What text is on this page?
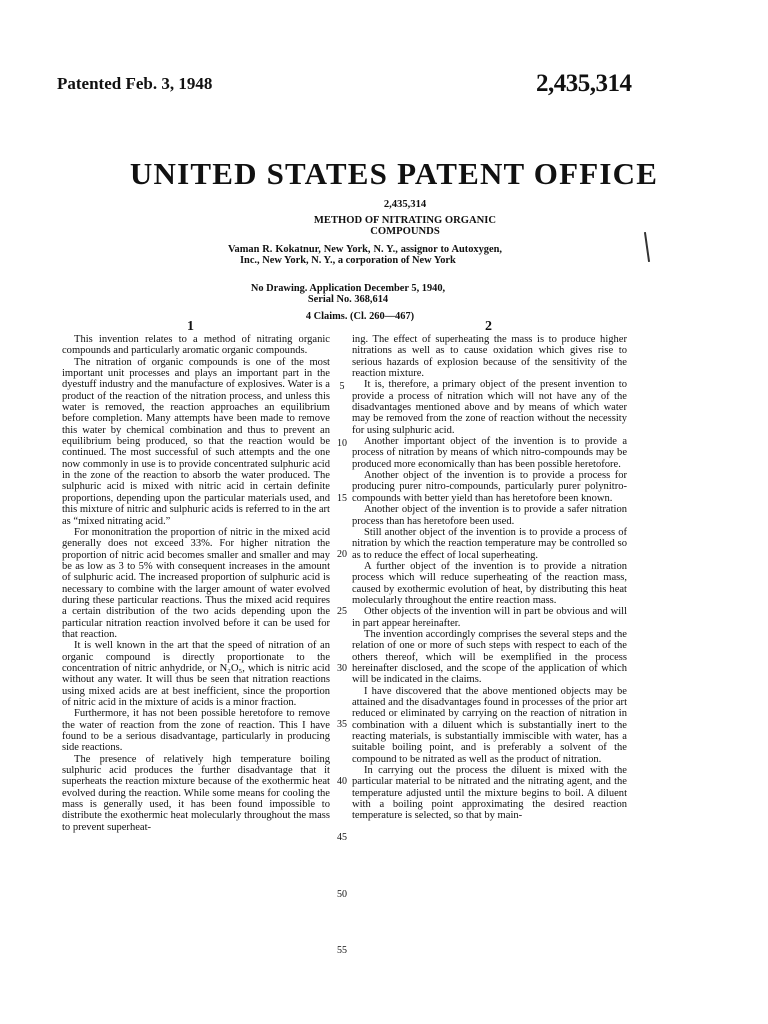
Patented Feb. 3, 1948	2,435,314
UNITED STATES PATENT OFFICE
2,435,314
METHOD OF NITRATING ORGANIC
COMPOUNDS
Vaman R. Kokatnur, New York, N. Y., assignor to Autoxygen, Inc., New York, N. Y., a corporation of New York
No Drawing. Application December 5, 1940,
Serial No. 368,614
4 Claims. (Cl. 260—467)
1	2

This invention relates to a method of nitrating organic compounds and particularly aromatic organic compounds.

The nitration of organic compounds is one of the most important unit processes and plays an important part in the dyestuff industry and the manufacture of explosives. Water is a product of the reaction of the nitration process, and unless this water is removed, the reaction approaches an equilibrium before completion. Many attempts have been made to remove this water by chemical combination and thus to prevent an equilibrium being produced, so that the reaction would be continued. The most successful of such attempts and the one now commonly in use is to provide concentrated sulphuric acid in the zone of the reaction to absorb the water produced. The sulphuric acid is mixed with nitric acid in certain definite proportions, depending upon the particular materials used, and this mixture of nitric and sulphuric acids is referred to in the art as “mixed nitrating acid.”

For mononitration the proportion of nitric in the mixed acid generally does not exceed 33%. For higher nitration the proportion of nitric acid becomes smaller and smaller and may be as low as 3 to 5% with consequent increases in the amount of sulphuric acid. The increased proportion of sulphuric acid is necessary to combine with the larger amount of water evolved during these particular reactions. Thus the mixed acid requires a certain distribution of the two acids depending upon the particular nitration reaction involved before it can be used for that reaction.

It is well known in the art that the speed of nitration of an organic compound is directly proportionate to the concentration of nitric anhydride, or N₂O₅, which is nitric acid without any water. It will thus be seen that nitration reactions using mixed acids are at best inefficient, since the proportion of nitric acid in the mixture of acids is a minor fraction.

Furthermore, it has not been possible heretofore to remove the water of reaction from the zone of reaction. This I have found to be a serious disadvantage, particularly in producing side reactions.

The presence of relatively high temperature boiling sulphuric acid produces the further disadvantage that it superheats the reaction mixture because of the exothermic heat evolved during the reaction. While some means for cooling the mass is generally used, it has been found impossible to distribute the exothermic heat molecularly throughout the mass to prevent superheat-

ing. The effect of superheating the mass is to produce higher nitrations as well as to cause oxidation which gives rise to serious hazards of explosion because of the sensitivity of the reaction mixture.

It is, therefore, a primary object of the present invention to provide a process of nitration which will not have any of the disadvantages mentioned above and by means of which water may be removed from the zone of reaction without the necessity for using sulphuric acid.

Another important object of the invention is to provide a process of nitration by means of which nitro-compounds may be produced more economically than has been possible heretofore.

Another object of the invention is to provide a process for producing purer nitro-compounds, particularly purer polynitro-compounds with better yield than has heretofore been known.

Another object of the invention is to provide a safer nitration process than has heretofore been used.

Still another object of the invention is to provide a process of nitration by which the reaction temperature may be controlled so as to reduce the effect of local superheating.

A further object of the invention is to provide a nitration process which will reduce superheating of the reaction mass, caused by exothermic evolution of heat, by distributing this heat molecularly throughout the entire reaction mass.

Other objects of the invention will in part be obvious and will in part appear hereinafter.

The invention accordingly comprises the several steps and the relation of one or more of such steps with respect to each of the others thereof, which will be exemplified in the process hereinafter disclosed, and the scope of the application of which will be indicated in the claims.

I have discovered that the above mentioned objects may be attained and the disadvantages found in processes of the prior art reduced or eliminated by carrying on the reaction of nitration in combination with a diluent which is substantially inert to the reacting materials, is substantially immiscible with water, has a suitable boiling point, and is preferably a solvent of the compound to be nitrated as well as the product of nitration.

In carrying out the process the diluent is mixed with the particular material to be nitrated and the nitrating agent, and the temperature adjusted until the mixture begins to boil. A diluent with a boiling point approximating the desired reaction temperature is selected, so that by main-

5
10
15
20
25
30
35
40
45
50
55
